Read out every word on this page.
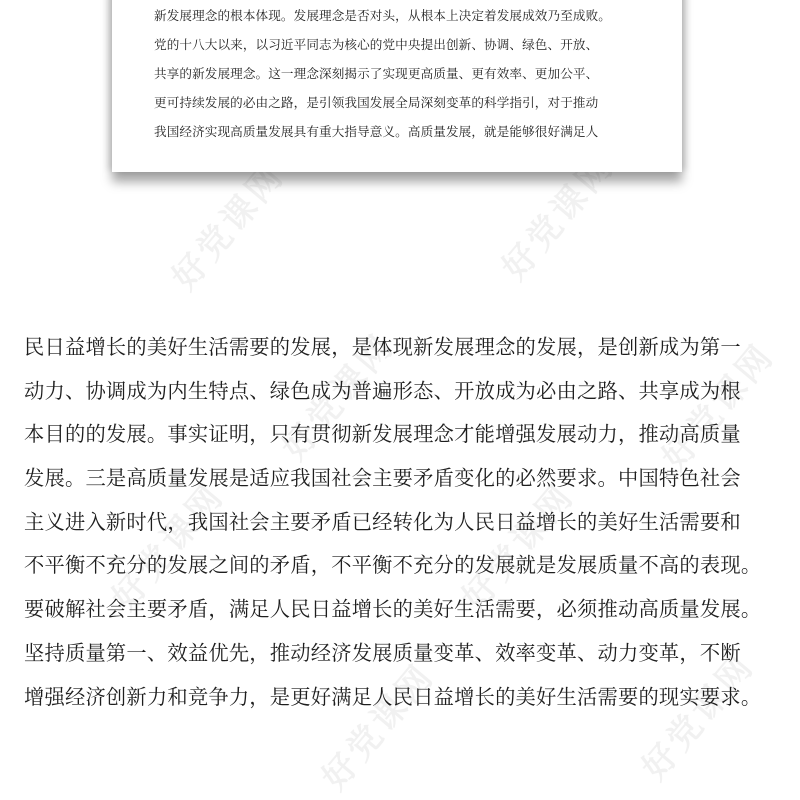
好党课网	好党课网
好党课网
好党课网	好党课网
好党课网
好党课网	好党课网
新发展理念的根本体现。发展理念是否对头，从根本上决定着发展成效乃至成败。
党的十八大以来，以习近平同志为核心的党中央提出创新、协调、绿色、开放、
共享的新发展理念。这一理念深刻揭示了实现更高质量、更有效率、更加公平、
更可持续发展的必由之路，是引领我国发展全局深刻变革的科学指引，对于推动
我国经济实现高质量发展具有重大指导意义。高质量发展，就是能够很好满足人
民日益增长的美好生活需要的发展，是体现新发展理念的发展，是创新成为第一
动力、协调成为内生特点、绿色成为普遍形态、开放成为必由之路、共享成为根
本目的的发展。事实证明，只有贯彻新发展理念才能增强发展动力，推动高质量
发展。三是高质量发展是适应我国社会主要矛盾变化的必然要求。中国特色社会
主义进入新时代，我国社会主要矛盾已经转化为人民日益增长的美好生活需要和
不平衡不充分的发展之间的矛盾，不平衡不充分的发展就是发展质量不高的表现。
要破解社会主要矛盾，满足人民日益增长的美好生活需要，必须推动高质量发展。
坚持质量第一、效益优先，推动经济发展质量变革、效率变革、动力变革，不断
增强经济创新力和竞争力，是更好满足人民日益增长的美好生活需要的现实要求。
